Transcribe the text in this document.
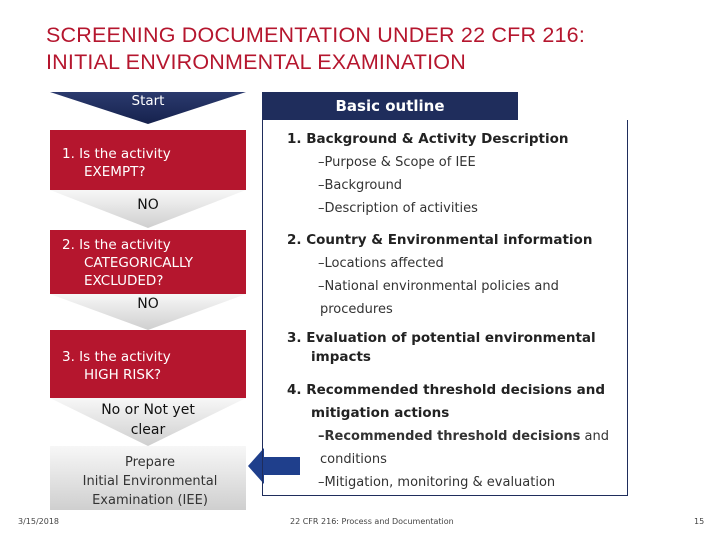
SCREENING DOCUMENTATION UNDER 22 CFR 216:
INITIAL ENVIRONMENTAL EXAMINATION
Start
1. Is the activity
EXEMPT?
NO
2. Is the activity
CATEGORICALLY
EXCLUDED?
NO
3. Is the activity
HIGH RISK?
No or Not yet
clear
Prepare
Initial Environmental
Examination (IEE)
Basic outline
1. Background & Activity Description
–Purpose & Scope of IEE
–Background
–Description of activities
2. Country & Environmental information
–Locations affected
–National environmental policies and
procedures
3. Evaluation of potential environmental
impacts
4. Recommended threshold decisions and
mitigation actions
–Recommended threshold decisions and
conditions
–Mitigation, monitoring & evaluation
3/15/2018	22 CFR 216: Process and Documentation	15
